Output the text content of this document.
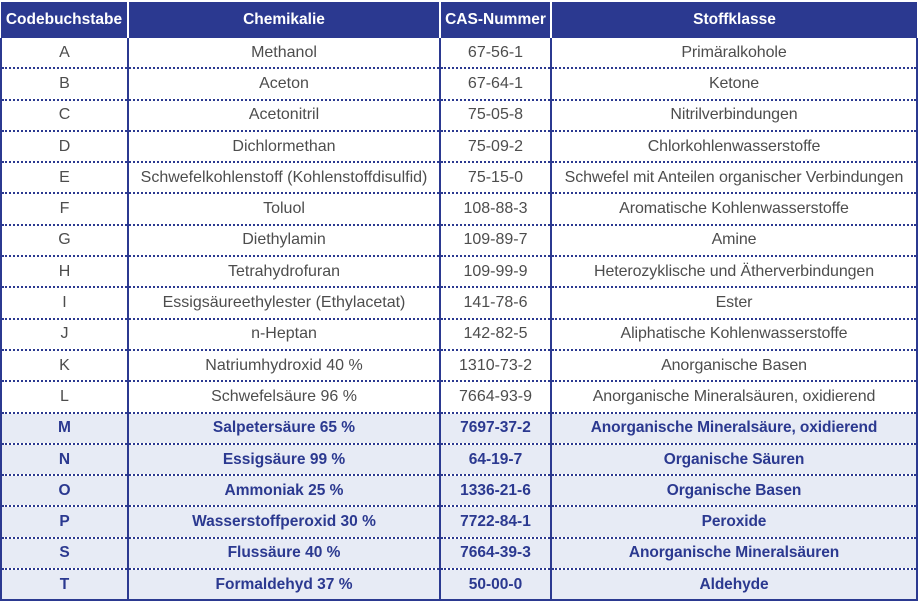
Codebuchstabe	Chemikalie	CAS-Nummer	Stoffklasse
A	Methanol	67-56-1	Primäralkohole
B	Aceton	67-64-1	Ketone
C	Acetonitril	75-05-8	Nitrilverbindungen
D	Dichlormethan	75-09-2	Chlorkohlenwasserstoffe
E	Schwefelkohlenstoff (Kohlenstoffdisulfid)	75-15-0	Schwefel mit Anteilen organischer Verbindungen
F	Toluol	108-88-3	Aromatische Kohlenwasserstoffe
G	Diethylamin	109-89-7	Amine
H	Tetrahydrofuran	109-99-9	Heterozyklische und Ätherverbindungen
I	Essigsäureethylester (Ethylacetat)	141-78-6	Ester
J	n-Heptan	142-82-5	Aliphatische Kohlenwasserstoffe
K	Natriumhydroxid 40 %	1310-73-2	Anorganische Basen
L	Schwefelsäure 96 %	7664-93-9	Anorganische Mineralsäuren, oxidierend
M	Salpetersäure 65 %	7697-37-2	Anorganische Mineralsäure, oxidierend
N	Essigsäure 99 %	64-19-7	Organische Säuren
O	Ammoniak 25 %	1336-21-6	Organische Basen
P	Wasserstoffperoxid 30 %	7722-84-1	Peroxide
S	Flussäure 40 %	7664-39-3	Anorganische Mineralsäuren
T	Formaldehyd 37 %	50-00-0	Aldehyde
